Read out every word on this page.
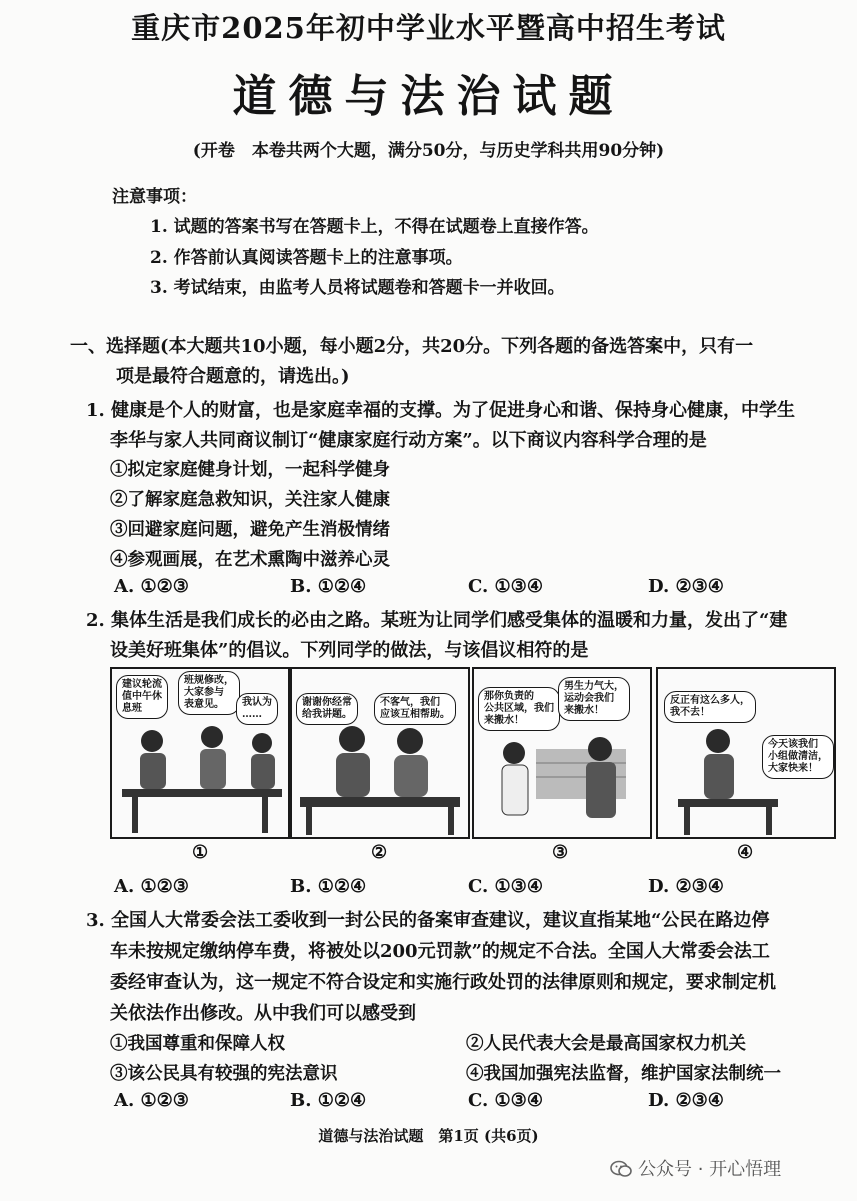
重庆市2025年初中学业水平暨高中招生考试
道德与法治试题
(开卷　本卷共两个大题，满分50分，与历史学科共用90分钟)
注意事项：
1. 试题的答案书写在答题卡上，不得在试题卷上直接作答。
2. 作答前认真阅读答题卡上的注意事项。
3. 考试结束，由监考人员将试题卷和答题卡一并收回。
一、选择题(本大题共10小题，每小题2分，共20分。下列各题的备选答案中，只有一
项是最符合题意的，请选出。)
1. 健康是个人的财富，也是家庭幸福的支撑。为了促进身心和谐、保持身心健康，中学生
李华与家人共同商议制订“健康家庭行动方案”。以下商议内容科学合理的是
①拟定家庭健身计划，一起科学健身
②了解家庭急救知识，关注家人健康
③回避家庭问题，避免产生消极情绪
④参观画展，在艺术熏陶中滋养心灵
A. ①②③	B. ①②④	C. ①③④	D. ②③④
2. 集体生活是我们成长的必由之路。某班为让同学们感受集体的温暖和力量，发出了“建
设美好班集体”的倡议。下列同学的做法，与该倡议相符的是
建议轮流
值中午休
息班
班规修改，
大家参与
表意见。	我认为
……
谢谢你经常
给我讲题。
不客气，我们
应该互相帮助。
那你负责的
公共区域，我们
来搬水！
男生力气大，
运动会我们
来搬水！
反正有这么多人，
我不去！
今天该我们
小组做清洁，
大家快来！
①	②	③	④
A. ①②③	B. ①②④	C. ①③④	D. ②③④
3. 全国人大常委会法工委收到一封公民的备案审查建议，建议直指某地“公民在路边停
车未按规定缴纳停车费，将被处以200元罚款”的规定不合法。全国人大常委会法工
委经审查认为，这一规定不符合设定和实施行政处罚的法律原则和规定，要求制定机
关依法作出修改。从中我们可以感受到
①我国尊重和保障人权	②人民代表大会是最高国家权力机关
③该公民具有较强的宪法意识	④我国加强宪法监督，维护国家法制统一
A. ①②③	B. ①②④	C. ①③④	D. ②③④
道德与法治试题　第1页 (共6页)
公众号 · 开心悟理
